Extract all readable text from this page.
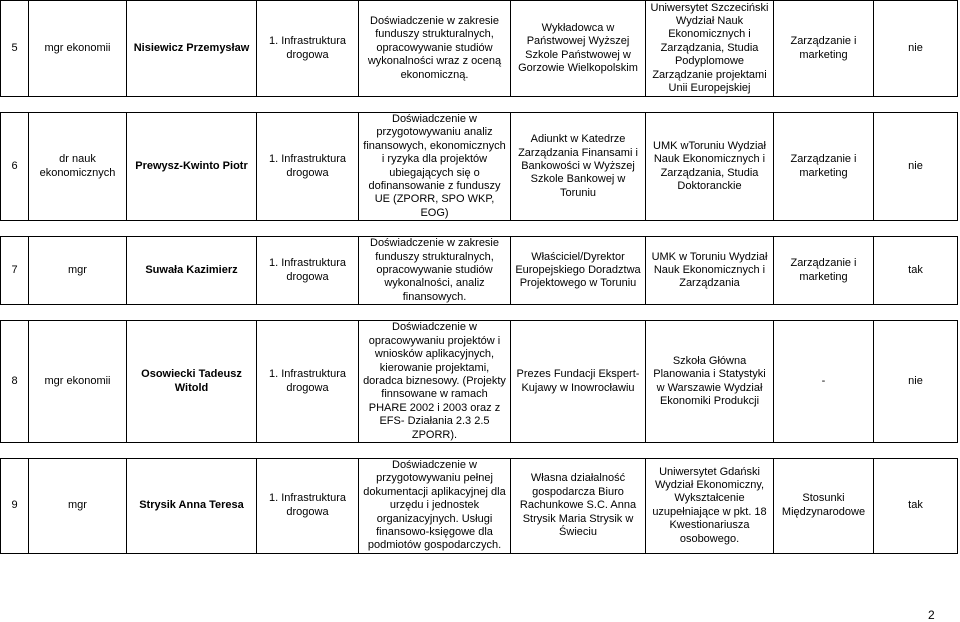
5	mgr ekonomii	Nisiewicz Przemysław	1. Infrastruktura drogowa	Doświadczenie w zakresie funduszy strukturalnych, opracowywanie studiów wykonalności wraz z oceną ekonomiczną.	Wykładowca w Państwowej Wyższej Szkole Państwowej w Gorzowie Wielkopolskim	Uniwersytet Szczeciński Wydział Nauk Ekonomicznych i Zarządzania, Studia Podyplomowe Zarządzanie projektami Unii Europejskiej	Zarządzanie i marketing	nie

6	dr nauk ekonomicznych	Prewysz-Kwinto Piotr	1. Infrastruktura drogowa	Doświadczenie w przygotowywaniu analiz finansowych, ekonomicznych i ryzyka dla projektów ubiegających się o dofinansowanie z funduszy UE (ZPORR, SPO WKP, EOG)	Adiunkt w Katedrze Zarządzania Finansami i Bankowości w Wyższej Szkole Bankowej w Toruniu	UMK wToruniu Wydział Nauk Ekonomicznych i Zarządzania, Studia Doktoranckie	Zarządzanie i marketing	nie

7	mgr	Suwała Kazimierz	1. Infrastruktura drogowa	Doświadczenie w zakresie funduszy strukturalnych, opracowywanie studiów wykonalności, analiz finansowych.	Właściciel/Dyrektor Europejskiego Doradztwa Projektowego w Toruniu	UMK w Toruniu Wydział Nauk Ekonomicznych i Zarządzania	Zarządzanie i marketing	tak

8	mgr ekonomii	Osowiecki Tadeusz Witold	1. Infrastruktura drogowa	Doświadczenie w opracowywaniu projektów i wniosków aplikacyjnych, kierowanie projektami, doradca biznesowy. (Projekty finnsowane w ramach PHARE 2002 i 2003 oraz z EFS- Działania 2.3 2.5 ZPORR).	Prezes Fundacji Ekspert-Kujawy w Inowrocławiu	Szkoła Główna Planowania i Statystyki w Warszawie Wydział Ekonomiki Produkcji	-	nie

9	mgr	Strysik Anna Teresa	1. Infrastruktura drogowa	Doświadczenie w przygotowywaniu pełnej dokumentacji aplikacyjnej dla urzędu i jednostek organizacyjnych. Usługi finansowo-księgowe dla podmiotów gospodarczych.	Własna działalność gospodarcza Biuro Rachunkowe S.C. Anna Strysik Maria Strysik w Świeciu	Uniwersytet Gdański Wydział Ekonomiczny, Wykształcenie uzupełniające w pkt. 18 Kwestionariusza osobowego.	Stosunki Międzynarodowe	tak
2
